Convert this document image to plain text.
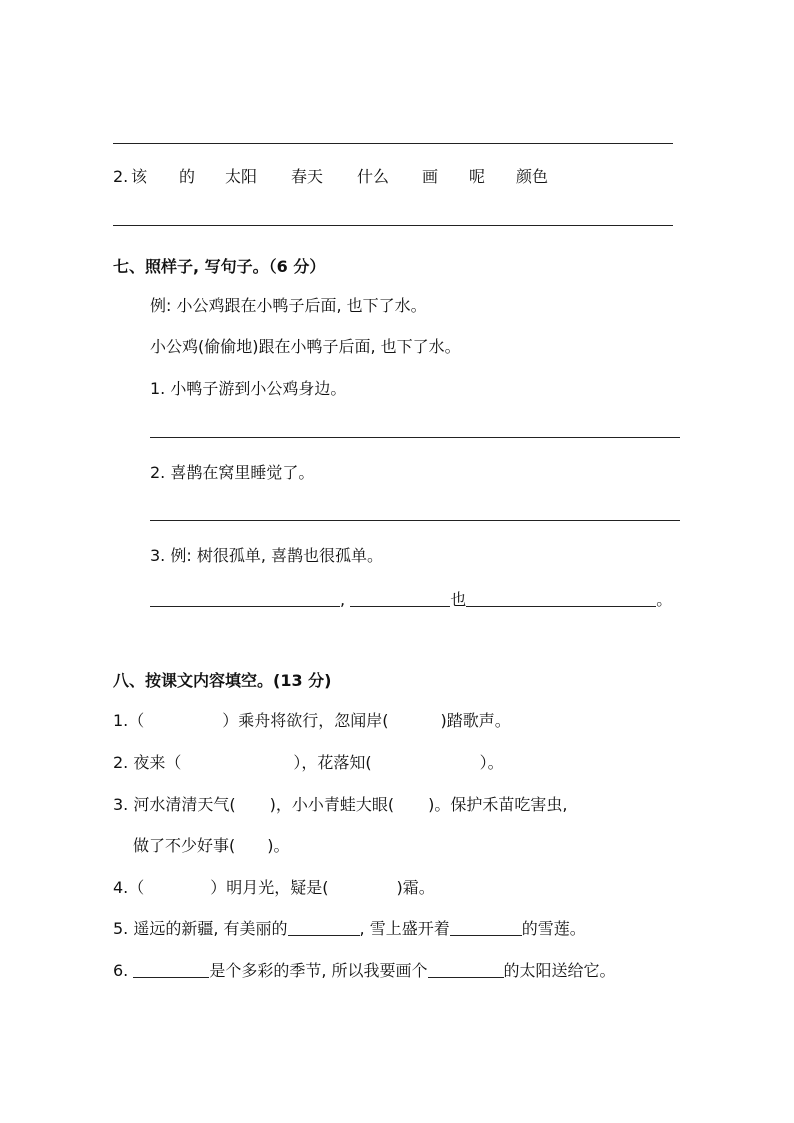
2. 该 的 太阳 春天 什么 画 呢 颜色
七、照样子, 写句子。（6 分）
例: 小公鸡跟在小鸭子后面, 也下了水。
小公鸡(偷偷地)跟在小鸭子后面, 也下了水。
1. 小鸭子游到小公鸡身边。
2. 喜鹊在窝里睡觉了。
3. 例: 树很孤单, 喜鹊也很孤单。
,	也	。
八、按课文内容填空。(13 分)
1.（	）乘舟将欲行，忽闻岸(	)踏歌声。
2. 夜来（	），花落知(	）。
3. 河水清清天气( )，小小青蛙大眼( )。保护禾苗吃害虫,
做了不少好事( )。
4.（	）明月光，疑是(	)霜。
5. 遥远的新疆, 有美丽的	, 雪上盛开着	的雪莲。
6.	是个多彩的季节, 所以我要画个	的太阳送给它。
